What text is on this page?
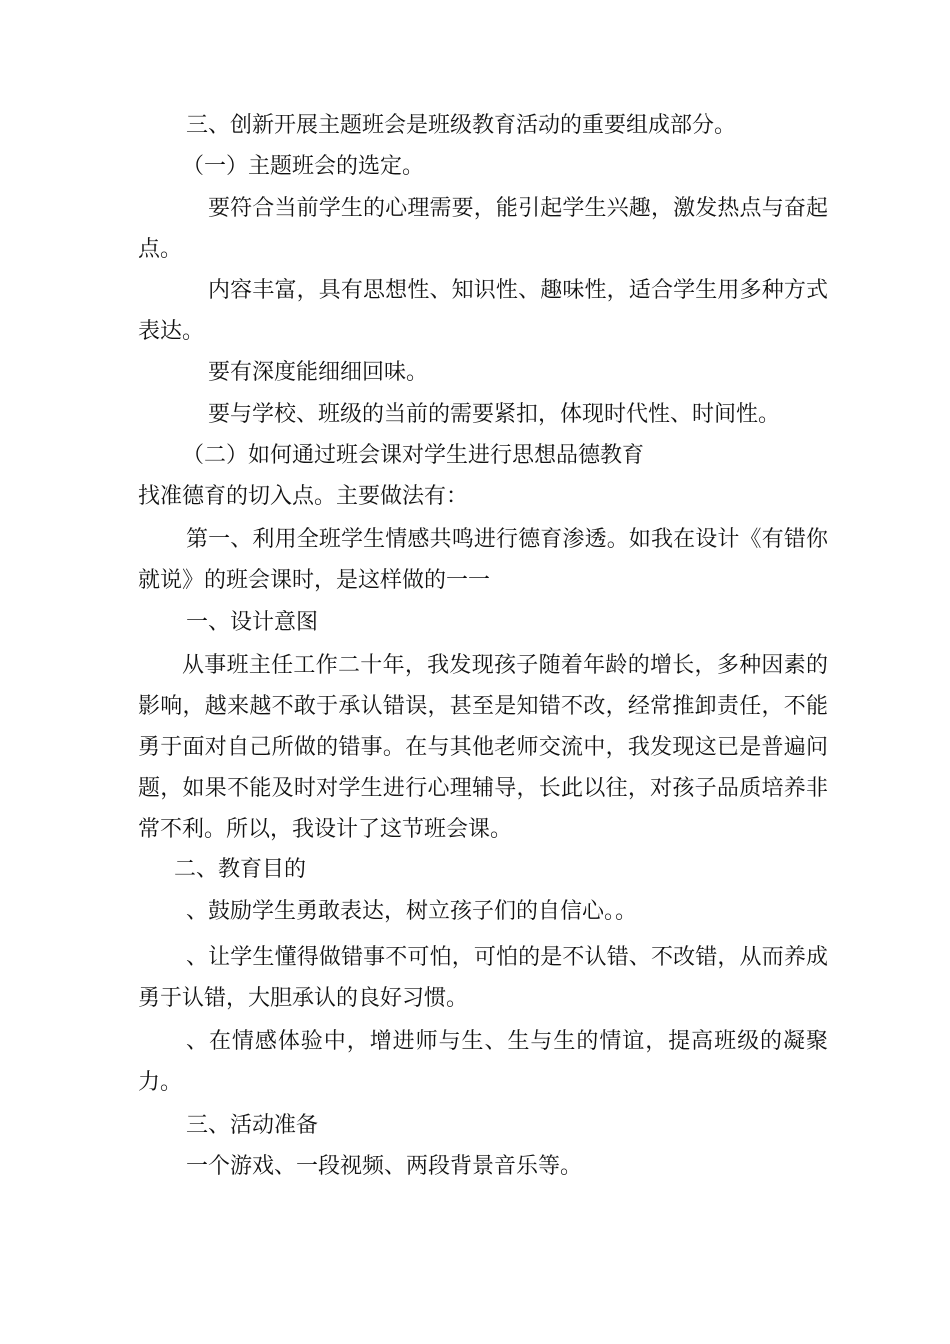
三、创新开展主题班会是班级教育活动的重要组成部分。

（一）主题班会的选定。

要符合当前学生的心理需要，能引起学生兴趣，激发热点与奋起点。

内容丰富，具有思想性、知识性、趣味性，适合学生用多种方式表达。

要有深度能细细回味。

要与学校、班级的当前的需要紧扣，体现时代性、时间性。

（二）如何通过班会课对学生进行思想品德教育

找准德育的切入点。主要做法有：

第一、利用全班学生情感共鸣进行德育渗透。如我在设计《有错你就说》的班会课时，是这样做的一一

一、设计意图

从事班主任工作二十年，我发现孩子随着年龄的增长，多种因素的影响，越来越不敢于承认错误，甚至是知错不改，经常推卸责任，不能勇于面对自己所做的错事。在与其他老师交流中，我发现这已是普遍问题，如果不能及时对学生进行心理辅导，长此以往，对孩子品质培养非常不利。所以，我设计了这节班会课。

二、教育目的

、鼓励学生勇敢表达，树立孩子们的自信心。。

、让学生懂得做错事不可怕，可怕的是不认错、不改错，从而养成勇于认错，大胆承认的良好习惯。

、在情感体验中，增进师与生、生与生的情谊，提高班级的凝聚力。

三、活动准备

一个游戏、一段视频、两段背景音乐等。
